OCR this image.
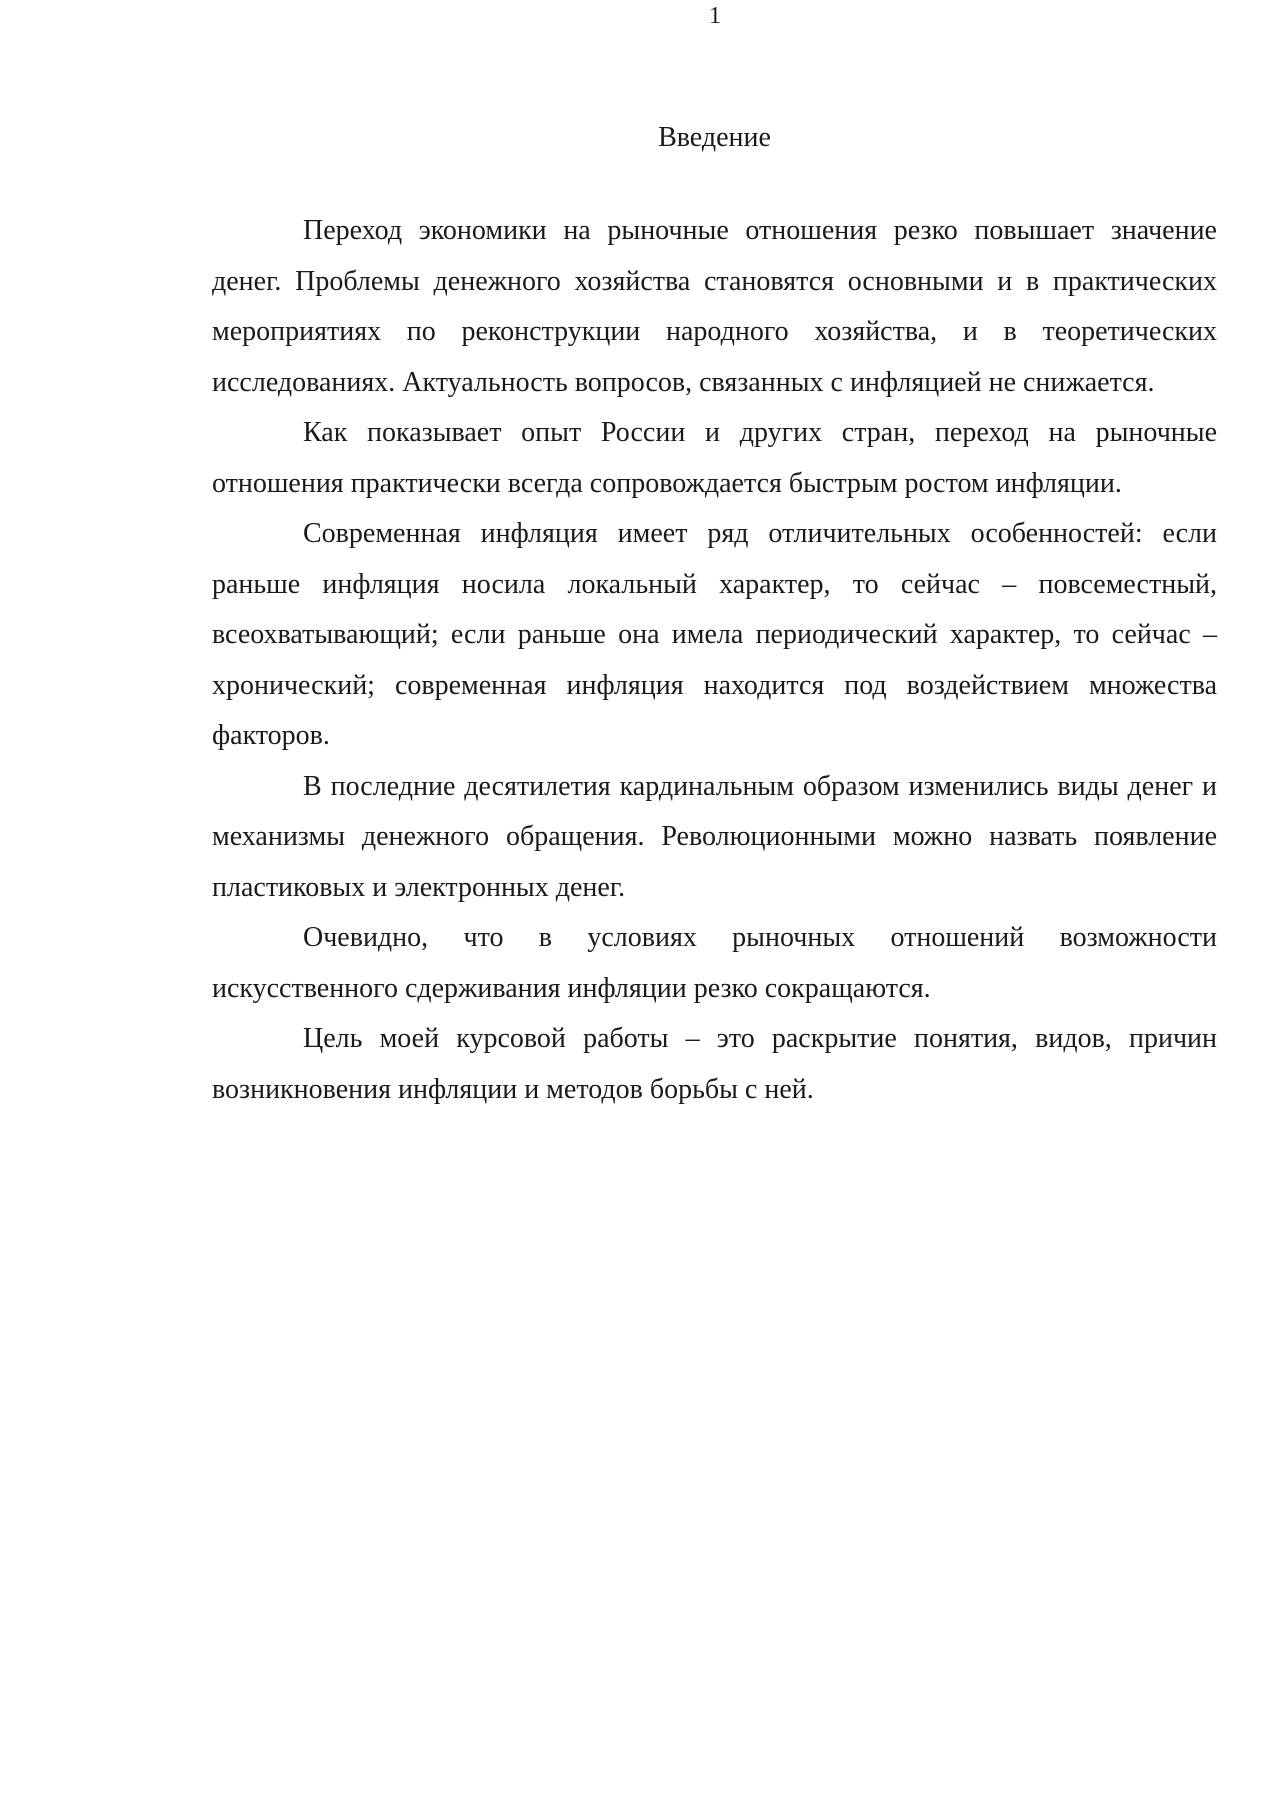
1
Введение

Переход экономики на рыночные отношения резко повышает значение денег. Проблемы денежного хозяйства становятся основными и в практических мероприятиях по реконструкции народного хозяйства, и в теоретических исследованиях. Актуальность вопросов, связанных с инфляцией не снижается.

Как показывает опыт России и других стран, переход на рыночные отношения практически всегда сопровождается быстрым ростом инфляции.

Современная инфляция имеет ряд отличительных особенностей: если раньше инфляция носила локальный характер, то сейчас – повсеместный, всеохватывающий; если раньше она имела периодический характер, то сейчас – хронический; современная инфляция находится под воздействием множества факторов.

В последние десятилетия кардинальным образом изменились виды денег и механизмы денежного обращения. Революционными можно назвать появление пластиковых и электронных денег.

Очевидно, что в условиях рыночных отношений возможности искусственного сдерживания инфляции резко сокращаются.

Цель моей курсовой работы – это раскрытие понятия, видов, причин возникновения инфляции и методов борьбы с ней.
